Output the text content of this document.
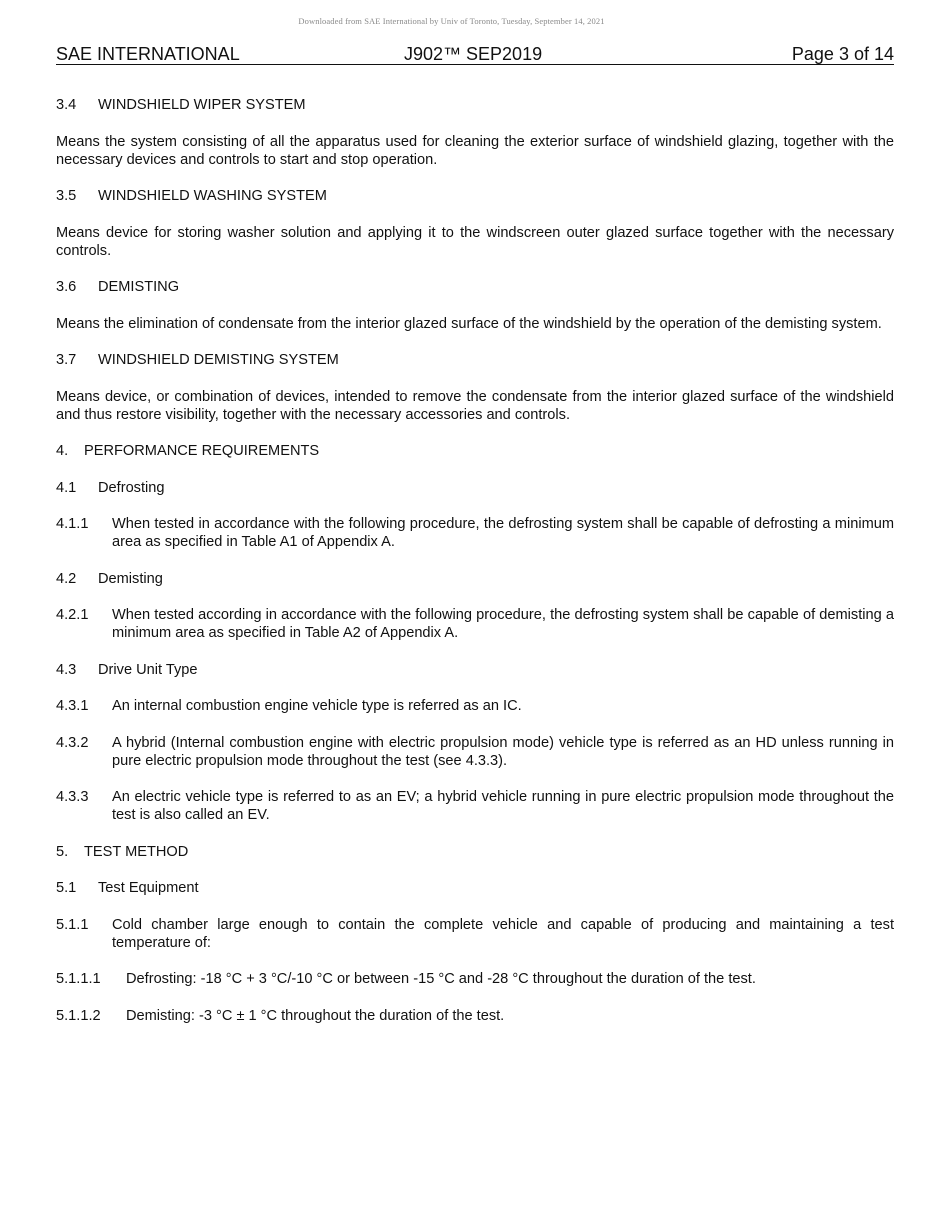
Downloaded from SAE International by Univ of Toronto, Tuesday, September 14, 2021
SAE INTERNATIONAL	J902™ SEP2019	Page 3 of 14
3.4	WINDSHIELD WIPER SYSTEM
Means the system consisting of all the apparatus used for cleaning the exterior surface of windshield glazing, together with the necessary devices and controls to start and stop operation.
3.5	WINDSHIELD WASHING SYSTEM
Means device for storing washer solution and applying it to the windscreen outer glazed surface together with the necessary controls.
3.6	DEMISTING
Means the elimination of condensate from the interior glazed surface of the windshield by the operation of the demisting system.
3.7	WINDSHIELD DEMISTING SYSTEM
Means device, or combination of devices, intended to remove the condensate from the interior glazed surface of the windshield and thus restore visibility, together with the necessary accessories and controls.
4.	PERFORMANCE REQUIREMENTS
4.1	Defrosting
4.1.1	When tested in accordance with the following procedure, the defrosting system shall be capable of defrosting a minimum area as specified in Table A1 of Appendix A.
4.2	Demisting
4.2.1	When tested according in accordance with the following procedure, the defrosting system shall be capable of demisting a minimum area as specified in Table A2 of Appendix A.
4.3	Drive Unit Type
4.3.1	An internal combustion engine vehicle type is referred as an IC.
4.3.2	A hybrid (Internal combustion engine with electric propulsion mode) vehicle type is referred as an HD unless running in pure electric propulsion mode throughout the test (see 4.3.3).
4.3.3	An electric vehicle type is referred to as an EV; a hybrid vehicle running in pure electric propulsion mode throughout the test is also called an EV.
5.	TEST METHOD
5.1	Test Equipment
5.1.1	Cold chamber large enough to contain the complete vehicle and capable of producing and maintaining a test temperature of:
5.1.1.1	Defrosting: -18 °C + 3 °C/-10 °C or between -15 °C and -28 °C throughout the duration of the test.
5.1.1.2	Demisting: -3 °C ± 1 °C throughout the duration of the test.
